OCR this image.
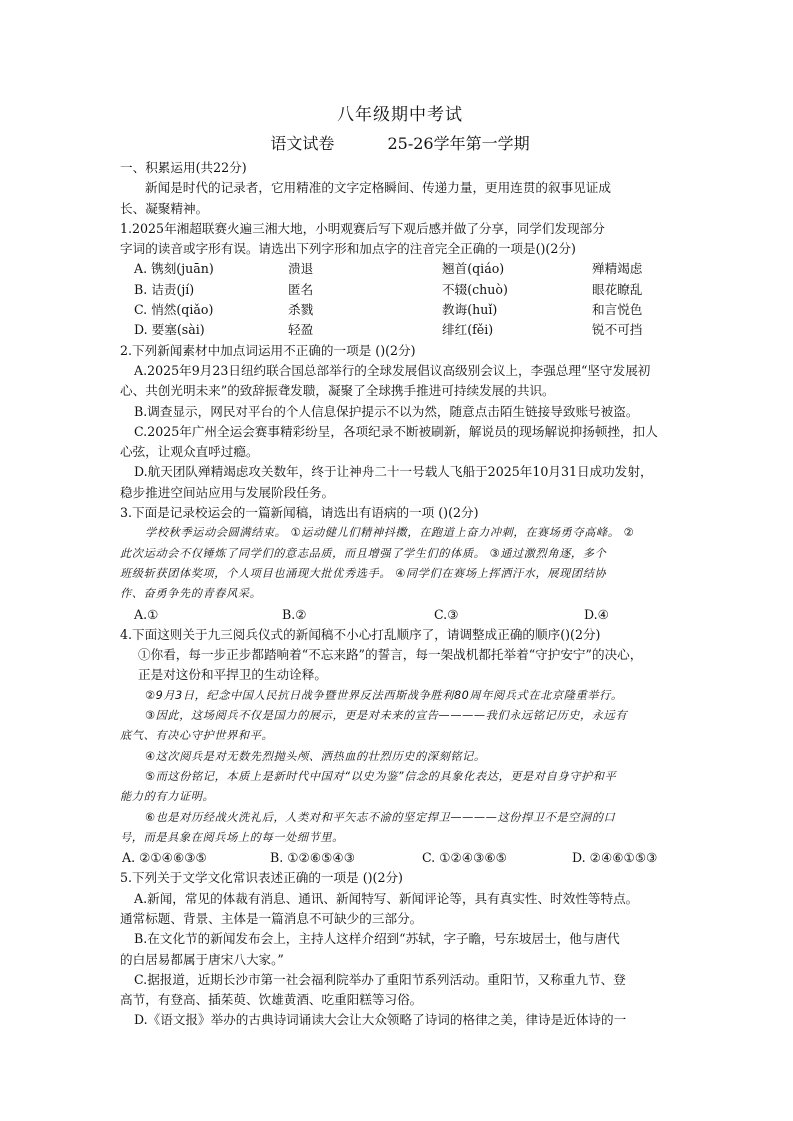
八年级期中考试
语文试卷	25-26学年第一学期
一、积累运用(共22分)
新闻是时代的记录者，它用精准的文字定格瞬间、传递力量，更用连贯的叙事见证成
长、凝聚精神。
1.2025年湘超联赛火遍三湘大地，小明观赛后写下观后感并做了分享，同学们发现部分
字词的读音或字形有误。请选出下列字形和加点字的注音完全正确的一项是()(2分)
A. 镌刻(juān)	溃退	翘首(qiáo)	殚精竭虑
B. 诘责(jí)	匿名	不辍(chuò)	眼花瞭乱
C. 悄然(qiǎo)	杀戮	教诲(huǐ)	和言悦色
D. 要塞(sài)	轻盈	绯红(fěi)	锐不可挡
2.下列新闻素材中加点词运用不正确的一项是 ()(2分)
A.2025年9月23日纽约联合国总部举行的全球发展倡议高级别会议上，李强总理“坚守发展初
心、共创光明未来”的致辞振聋发聩，凝聚了全球携手推进可持续发展的共识。
B.调查显示，网民对平台的个人信息保护提示不以为然，随意点击陌生链接导致账号被盗。
C.2025年广州全运会赛事精彩纷呈，各项纪录不断被刷新，解说员的现场解说抑扬顿挫，扣人
心弦，让观众直呼过瘾。
D.航天团队殚精竭虑攻关数年，终于让神舟二十一号载人飞船于2025年10月31日成功发射，
稳步推进空间站应用与发展阶段任务。
3.下面是记录校运会的一篇新闻稿，请选出有语病的一项 ()(2分)
学校秋季运动会圆满结束。 ①运动健儿们精神抖擞，在跑道上奋力冲刺，在赛场勇夺高峰。 ②
此次运动会不仅锤炼了同学们的意志品质，而且增强了学生们的体质。 ③通过激烈角逐，多个
班级斩获团体奖项，个人项目也涌现大批优秀选手。 ④同学们在赛场上挥洒汗水，展现团结协
作、奋勇争先的青春风采。
A.①	B.②	C.③	D.④
4.下面这则关于九三阅兵仪式的新闻稿不小心打乱顺序了，请调整成正确的顺序()(2分)
①你看，每一步正步都踏响着“不忘来路”的誓言，每一架战机都托举着“守护安宁”的决心，
正是对这份和平捍卫的生动诠释。
②9月3日，纪念中国人民抗日战争暨世界反法西斯战争胜利80周年阅兵式在北京隆重举行。
③因此，这场阅兵不仅是国力的展示，更是对未来的宣告————我们永远铭记历史，永远有
底气、有决心守护世界和平。
④这次阅兵是对无数先烈抛头颅、洒热血的壮烈历史的深刻铭记。
⑤而这份铭记，本质上是新时代中国对“以史为鉴”信念的具象化表达，更是对自身守护和平
能力的有力证明。
⑥也是对历经战火洗礼后，人类对和平矢志不渝的坚定捍卫————这份捍卫不是空洞的口
号，而是具象在阅兵场上的每一处细节里。
A. ②①④⑥③⑤	B. ①②⑥⑤④③	C. ①②④③⑥⑤	D. ②④⑥①⑤③
5.下列关于文学文化常识表述正确的一项是 ()(2分)
A.新闻，常见的体裁有消息、通讯、新闻特写、新闻评论等，具有真实性、时效性等特点。
通常标题、背景、主体是一篇消息不可缺少的三部分。
B.在文化节的新闻发布会上，主持人这样介绍到“苏轼，字子瞻，号东坡居士，他与唐代
的白居易都属于唐宋八大家。”
C.据报道，近期长沙市第一社会福利院举办了重阳节系列活动。重阳节，又称重九节、登
高节，有登高、插茱萸、饮雄黄酒、吃重阳糕等习俗。
D.《语文报》举办的古典诗词诵读大会让大众领略了诗词的格律之美，律诗是近体诗的一
